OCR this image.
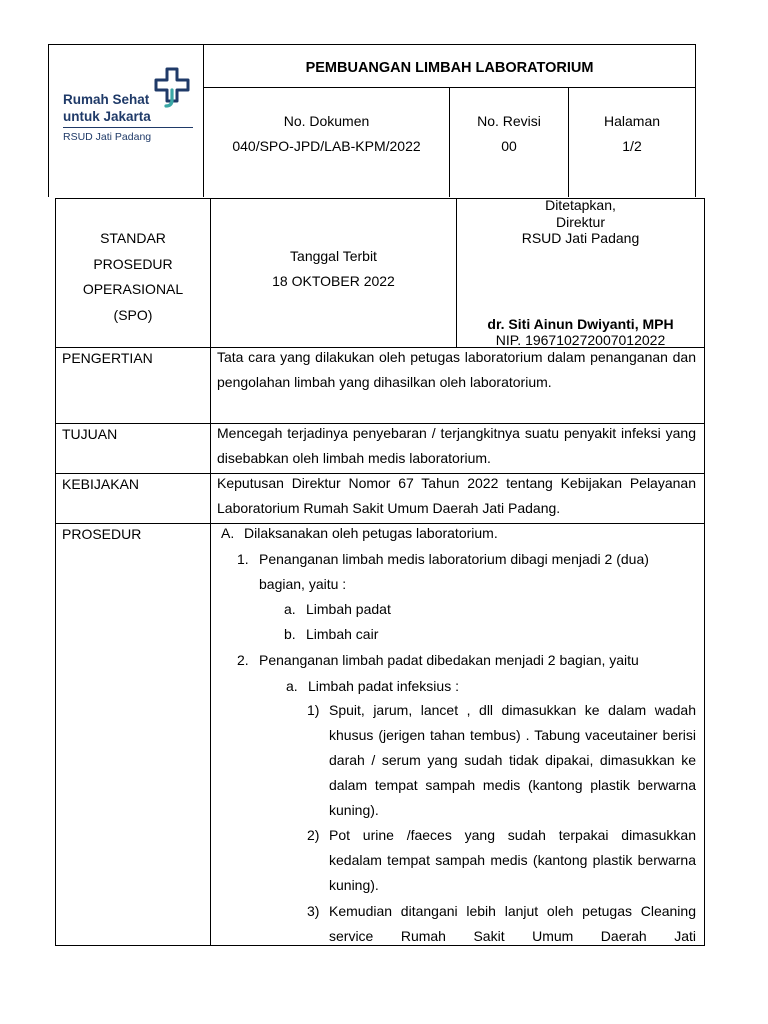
Rumah Sehat
untuk Jakarta
RSUD Jati Padang
PEMBUANGAN LIMBAH LABORATORIUM
No. Dokumen
040/SPO-JPD/LAB-KPM/2022
No. Revisi
00
Halaman
1/2
STANDAR
PROSEDUR
OPERASIONAL
(SPO)
Tanggal Terbit
18 OKTOBER 2022
Ditetapkan,
Direktur
RSUD Jati Padang
dr. Siti Ainun Dwiyanti, MPH
NIP. 196710272007012022
PENGERTIAN
TUJUAN
KEBIJAKAN
PROSEDUR
Tata cara yang dilakukan oleh petugas laboratorium dalam penanganan dan pengolahan limbah yang dihasilkan oleh laboratorium.
Mencegah terjadinya penyebaran / terjangkitnya suatu penyakit infeksi yang disebabkan oleh limbah medis laboratorium.
Keputusan Direktur Nomor 67 Tahun 2022 tentang Kebijakan Pelayanan Laboratorium Rumah Sakit Umum Daerah Jati Padang.
A. Dilaksanakan oleh petugas laboratorium.
1. Penanganan limbah medis laboratorium dibagi menjadi 2 (dua) bagian, yaitu :
a. Limbah padat
b. Limbah cair
2. Penanganan limbah padat dibedakan menjadi 2 bagian, yaitu
a. Limbah padat infeksius :
1) Spuit, jarum, lancet , dll dimasukkan ke dalam wadah khusus (jerigen tahan tembus) . Tabung vaceutainer berisi darah / serum yang sudah tidak dipakai, dimasukkan ke dalam tempat sampah medis (kantong plastik berwarna kuning).
2) Pot urine /faeces yang sudah terpakai dimasukkan kedalam tempat sampah medis (kantong plastik berwarna kuning).
3) Kemudian ditangani lebih lanjut oleh petugas Cleaning service Rumah Sakit Umum Daerah Jati
